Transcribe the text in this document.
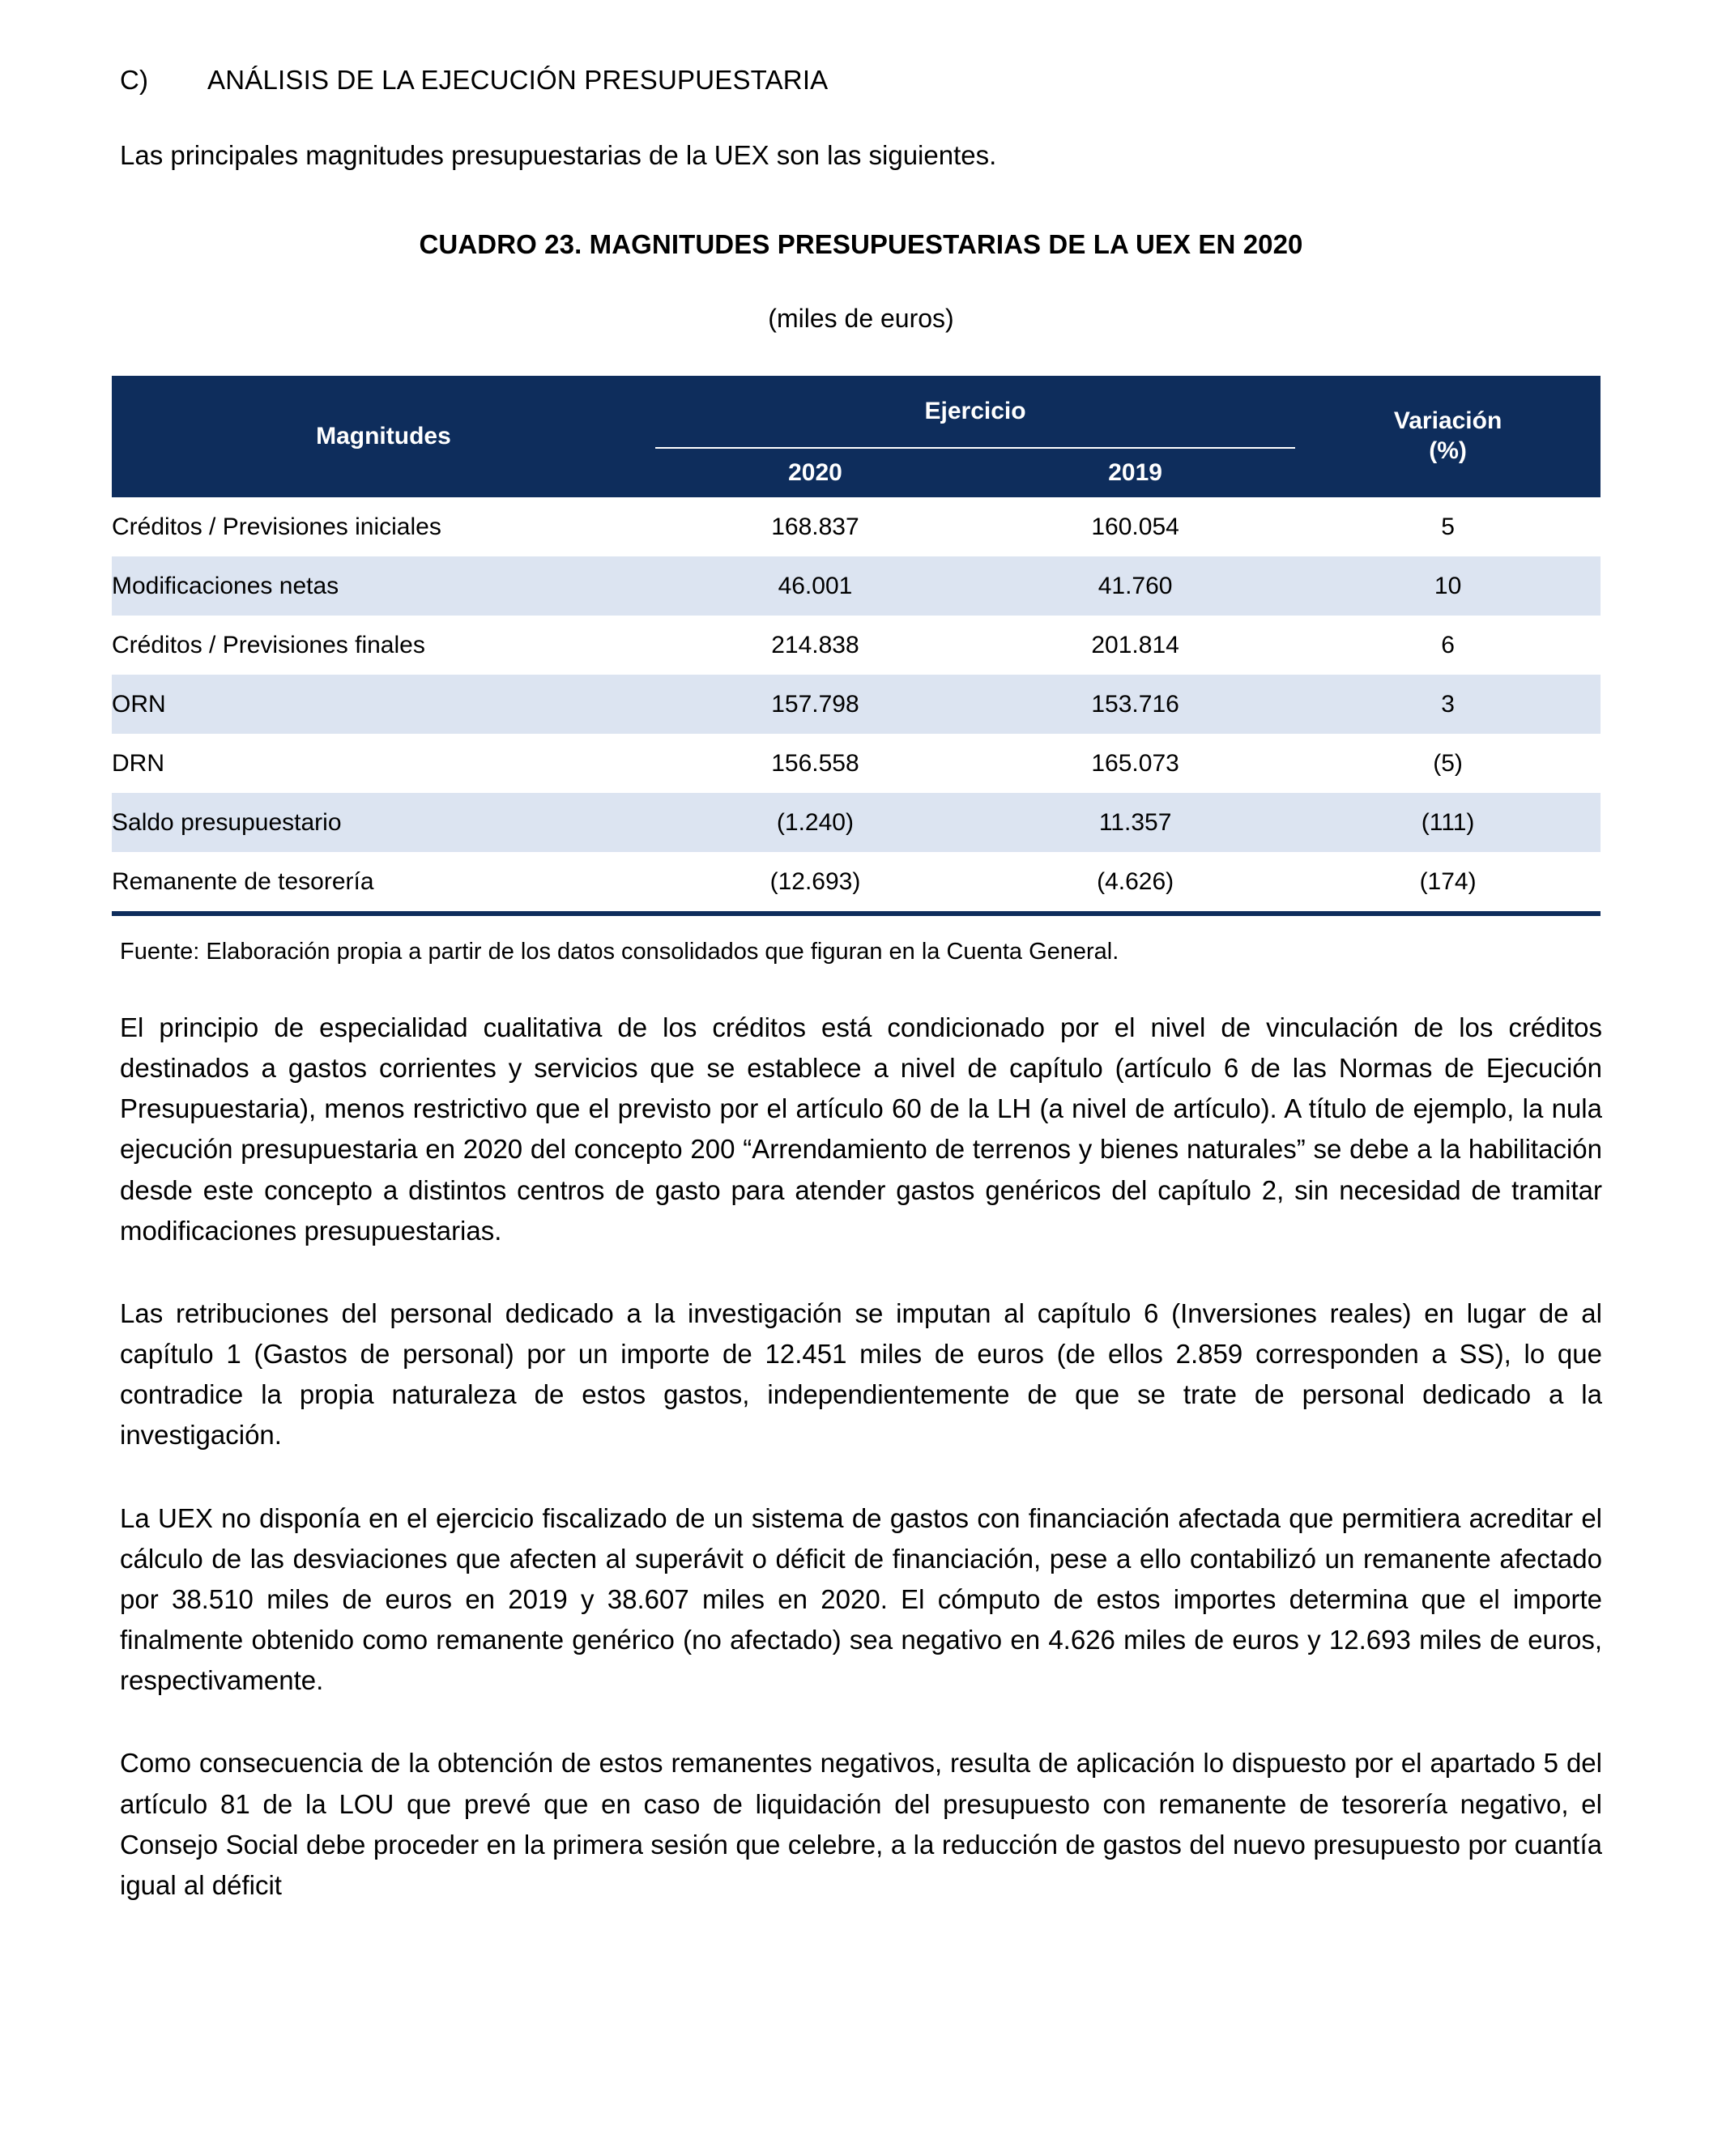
C)	ANÁLISIS DE LA EJECUCIÓN PRESUPUESTARIA

Las principales magnitudes presupuestarias de la UEX son las siguientes.

CUADRO 23. MAGNITUDES PRESUPUESTARIAS DE LA UEX EN 2020
(miles de euros)
Magnitudes	Ejercicio		Variación
(%)

	2020	2019	
Créditos / Previsiones iniciales	168.837	160.054	5
Modificaciones netas	46.001	41.760	10
Créditos / Previsiones finales	214.838	201.814	6
ORN	157.798	153.716	3
DRN	156.558	165.073	(5)
Saldo presupuestario	(1.240)	11.357	(111)
Remanente de tesorería	(12.693)	(4.626)	(174)
Fuente: Elaboración propia a partir de los datos consolidados que figuran en la Cuenta General.

El principio de especialidad cualitativa de los créditos está condicionado por el nivel de vinculación de los créditos destinados a gastos corrientes y servicios que se establece a nivel de capítulo (artículo 6 de las Normas de Ejecución Presupuestaria), menos restrictivo que el previsto por el artículo 60 de la LH (a nivel de artículo). A título de ejemplo, la nula ejecución presupuestaria en 2020 del concepto 200 “Arrendamiento de terrenos y bienes naturales” se debe a la habilitación desde este concepto a distintos centros de gasto para atender gastos genéricos del capítulo 2, sin necesidad de tramitar modificaciones presupuestarias.

Las retribuciones del personal dedicado a la investigación se imputan al capítulo 6 (Inversiones reales) en lugar de al capítulo 1 (Gastos de personal) por un importe de 12.451 miles de euros (de ellos 2.859 corresponden a SS), lo que contradice la propia naturaleza de estos gastos, independientemente de que se trate de personal dedicado a la investigación.

La UEX no disponía en el ejercicio fiscalizado de un sistema de gastos con financiación afectada que permitiera acreditar el cálculo de las desviaciones que afecten al superávit o déficit de financiación, pese a ello contabilizó un remanente afectado por 38.510 miles de euros en 2019 y 38.607 miles en 2020. El cómputo de estos importes determina que el importe finalmente obtenido como remanente genérico (no afectado) sea negativo en 4.626 miles de euros y 12.693 miles de euros, respectivamente.

Como consecuencia de la obtención de estos remanentes negativos, resulta de aplicación lo dispuesto por el apartado 5 del artículo 81 de la LOU que prevé que en caso de liquidación del presupuesto con remanente de tesorería negativo, el Consejo Social debe proceder en la primera sesión que celebre, a la reducción de gastos del nuevo presupuesto por cuantía igual al déficit
